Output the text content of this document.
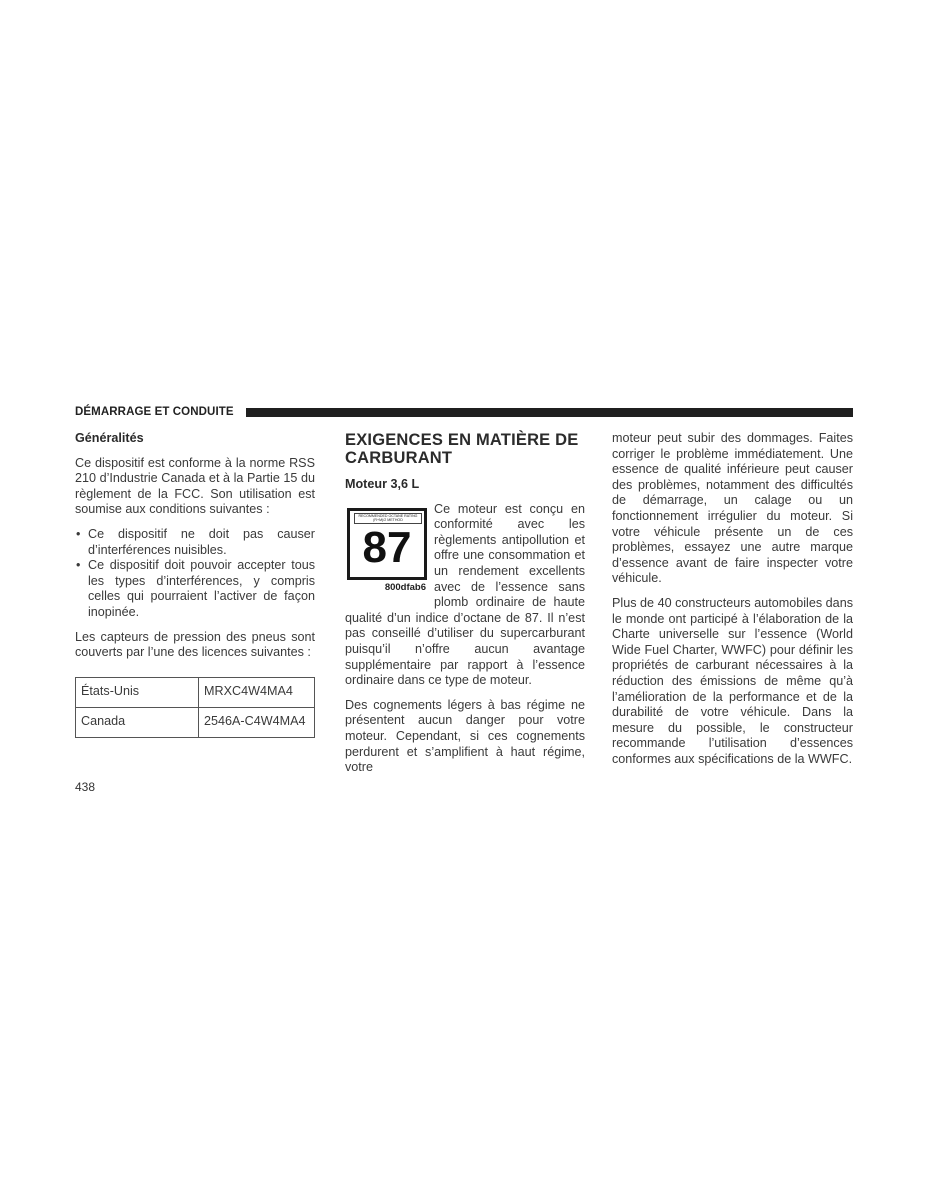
DÉMARRAGE ET CONDUITE

Généralités

Ce dispositif est conforme à la norme RSS 210 d’Industrie Canada et à la Partie 15 du règlement de la FCC. Son utilisation est soumise aux conditions suivantes :

• Ce dispositif ne doit pas causer d’interférences nuisibles.
• Ce dispositif doit pouvoir accepter tous les types d’interférences, y compris celles qui pourraient l’activer de façon inopinée.

Les capteurs de pression des pneus sont couverts par l’une des licences suivantes :

États-Unis	MRXC4W4MA4
Canada	2546A-C4W4MA4
EXIGENCES EN MATIÈRE DE CARBURANT

Moteur 3,6 L

RECOMMENDED OCTANE RATING (R+M)/2 METHOD
87
800dfab6

Ce moteur est conçu en conformité avec les règlements antipollution et offre une consommation et un rendement excellents avec de l’essence sans plomb ordinaire de haute qualité d’un indice d’octane de 87. Il n’est pas conseillé d’utiliser du supercarburant puisqu’il n’offre aucun avantage supplémentaire par rapport à l’essence ordinaire dans ce type de moteur.

Des cognements légers à bas régime ne présentent aucun danger pour votre moteur. Cependant, si ces cognements perdurent et s’amplifient à haut régime, votre

moteur peut subir des dommages. Faites corriger le problème immédiatement. Une essence de qualité inférieure peut causer des problèmes, notamment des difficultés de démarrage, un calage ou un fonctionnement irrégulier du moteur. Si votre véhicule présente un de ces problèmes, essayez une autre marque d’essence avant de faire inspecter votre véhicule.

Plus de 40 constructeurs automobiles dans le monde ont participé à l’élaboration de la Charte universelle sur l’essence (World Wide Fuel Charter, WWFC) pour définir les propriétés de carburant nécessaires à la réduction des émissions de même qu’à l’amélioration de la performance et de la durabilité de votre véhicule. Dans la mesure du possible, le constructeur recommande l’utilisation d’essences conformes aux spécifications de la WWFC.

438
